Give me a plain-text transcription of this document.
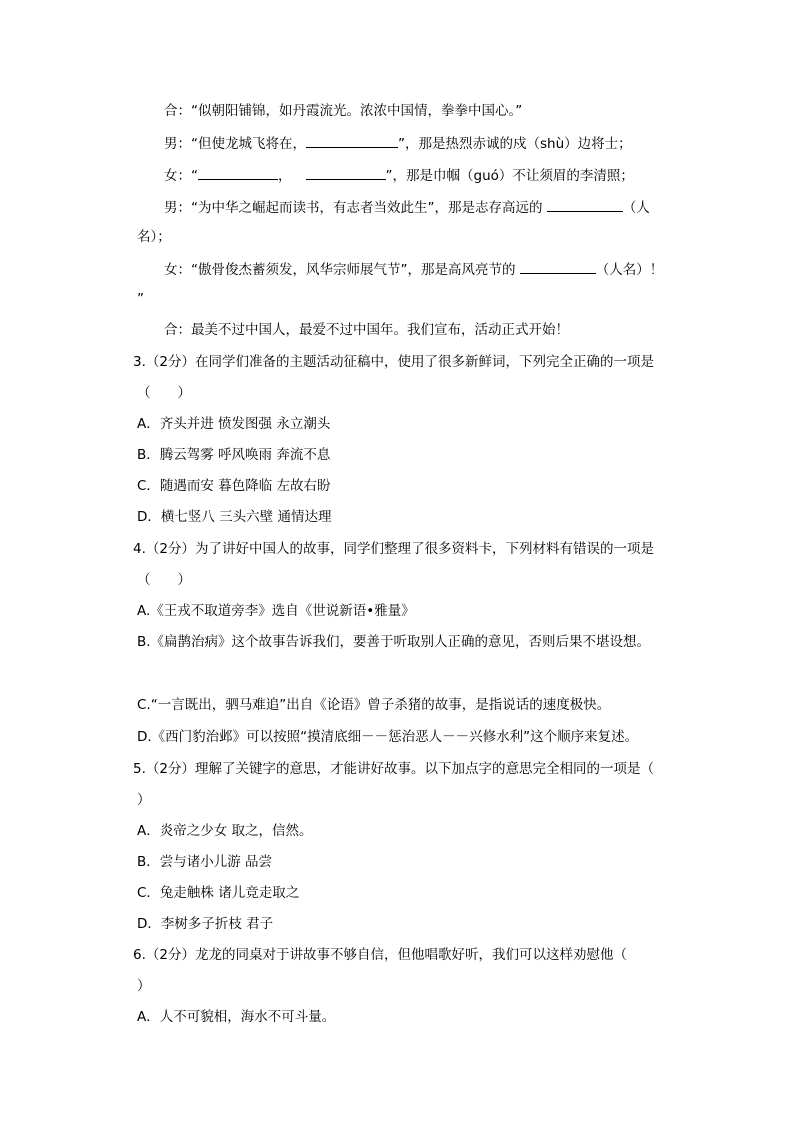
合：“似朝阳铺锦，如丹霞流光。浓浓中国情，拳拳中国心。”
男：“但使龙城飞将在，	”，那是热烈赤诚的戍（shù）边将士；
女：“	，	”，那是巾帼（guó）不让须眉的李清照；
男：“为中华之崛起而读书，有志者当效此生”，那是志存高远的	（人
名）；
女：“傲骨俊杰蓄须发，风华宗师展气节”，那是高风亮节的	（人名）！
”
合：最美不过中国人，最爱不过中国年。我们宣布，活动正式开始！
3.（2分）在同学们准备的主题活动征稿中，使用了很多新鲜词，下列完全正确的一项是
（　　）
A．齐头并进 愤发图强 永立潮头
B．腾云驾雾 呼风唤雨 奔流不息
C．随遇而安 暮色降临 左故右盼
D．横七竖八 三头六壁 通情达理
4.（2分）为了讲好中国人的故事，同学们整理了很多资料卡，下列材料有错误的一项是
（　　）
A.《王戎不取道旁李》选自《世说新语•雅量》
B.《扁鹊治病》这个故事告诉我们，要善于听取别人正确的意见，否则后果不堪设想。
C.“一言既出，驷马难追”出自《论语》曾子杀猪的故事，是指说话的速度极快。
D.《西门豹治邺》可以按照“摸清底细－－惩治恶人－－兴修水利”这个顺序来复述。
5.（2分）理解了关键字的意思，才能讲好故事。以下加点字的意思完全相同的一项是（
）
A．炎帝之少女 取之，信然。
B．尝与诸小儿游 品尝
C．兔走触株 诸儿竞走取之
D．李树多子折枝 君子
6.（2分）龙龙的同桌对于讲故事不够自信，但他唱歌好听，我们可以这样劝慰他（
）
A．人不可貌相，海水不可斗量。
